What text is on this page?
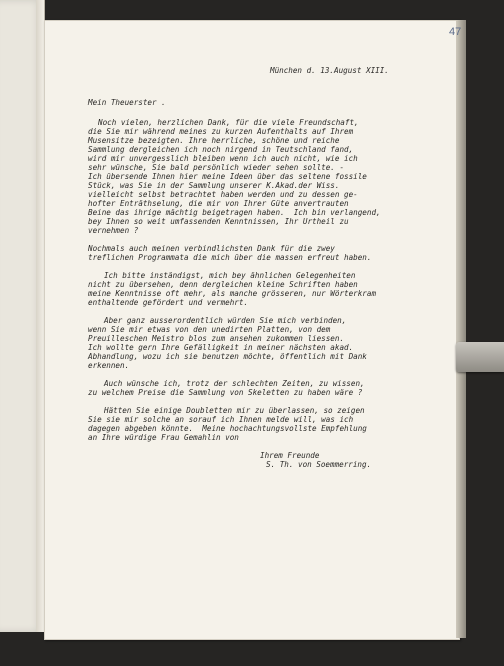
47
München d. 13.August XIII.
Mein Theuerster .
Noch vielen, herzlichen Dank, für die viele Freundschaft,
die Sie mir während meines zu kurzen Aufenthalts auf Ihrem
Musensitze bezeigten. Ihre herrliche, schöne und reiche
Sammlung dergleichen ich noch nirgend in Teutschland fand,
wird mir unvergesslich bleiben wenn ich auch nicht, wie ich
sehr wünsche, Sie bald persönlich wieder sehen sollte. -
Ich übersende Ihnen hier meine Ideen über das seltene fossile
Stück, was Sie in der Sammlung unserer K.Akad.der Wiss.
vielleicht selbst betrachtet haben werden und zu dessen ge-
hofter Enträthselung, die mir von Ihrer Güte anvertrauten
Beine das ihrige mächtig beigetragen haben.  Ich bin verlangend,
bey Ihnen so weit umfassenden Kenntnissen, Ihr Urtheil zu
vernehmen ?
Nochmals auch meinen verbindlichsten Dank für die zwey
treflichen Programmata die mich über die massen erfreut haben.
Ich bitte inständigst, mich bey ähnlichen Gelegenheiten
nicht zu übersehen, denn dergleichen kleine Schriften haben
meine Kenntnisse oft mehr, als manche grösseren, nur Wörterkram
enthaltende gefördert und vermehrt.
Aber ganz ausserordentlich würden Sie mich verbinden,
wenn Sie mir etwas von den unedirten Platten, von dem
Preuilleschen Meistro blos zum ansehen zukommen liessen.
Ich wollte gern Ihre Gefälligkeit in meiner nächsten akad.
Abhandlung, wozu ich sie benutzen möchte, öffentlich mit Dank
erkennen.
Auch wünsche ich, trotz der schlechten Zeiten, zu wissen,
zu welchem Preise die Sammlung von Skeletten zu haben wäre ?
Hätten Sie einige Doubletten mir zu überlassen, so zeigen
Sie sie mir solche an sorauf ich Ihnen melde will, was ich
dagegen abgeben könnte.  Meine hochachtungsvollste Empfehlung
an Ihre würdige Frau Gemahlin von
Ihrem Freunde
S. Th. von Soemmerring.
